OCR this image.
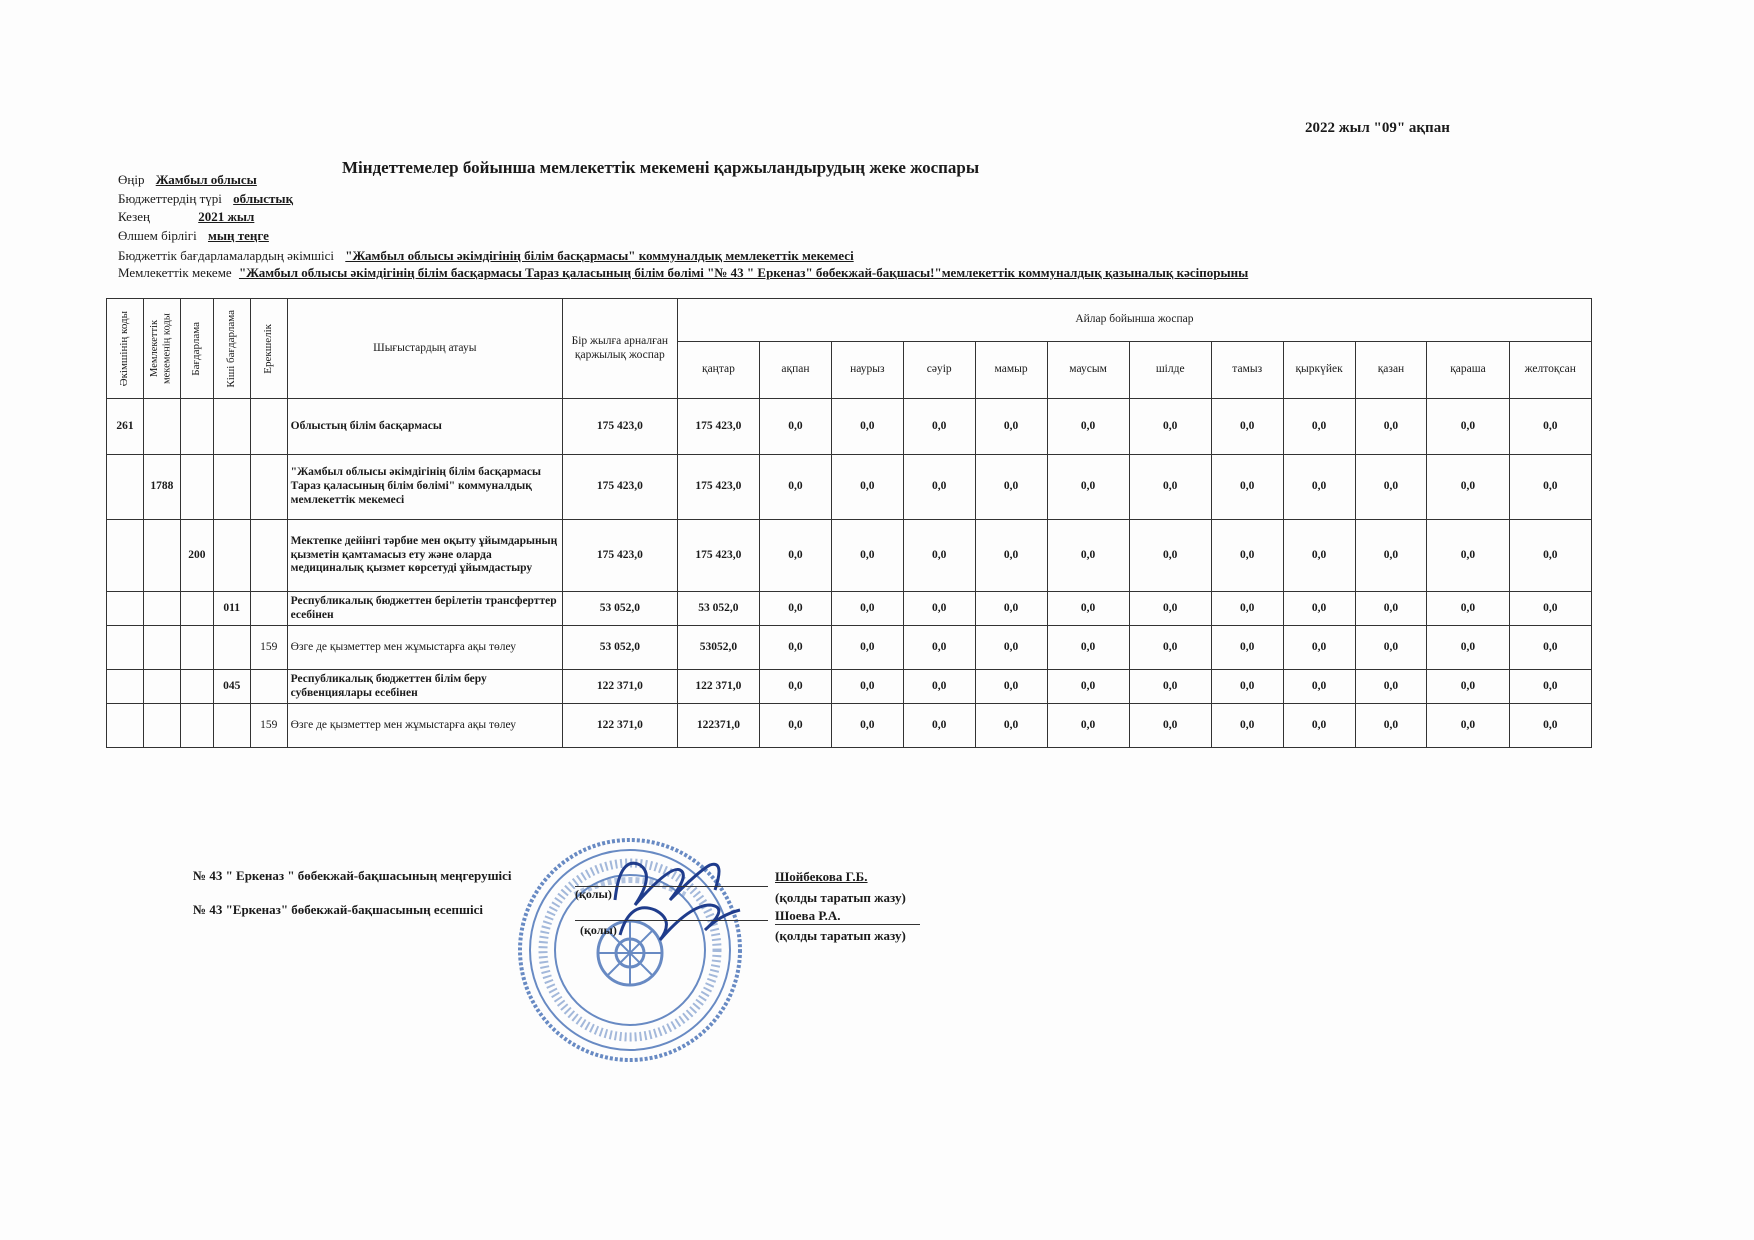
2022 жыл "09" ақпан
Міндеттемелер бойынша мемлекеттік мекемені қаржыландырудың жеке жоспары
Өңір Жамбыл облысы
Бюджеттердің түрі облыстық
Кезең	2021 жыл
Өлшем бірлігі мың теңге
Бюджеттік бағдарламалардың әкімшісі "Жамбыл облысы әкімдігінің білім басқармасы" коммуналдық мемлекеттік мекемесі
Мемлекеттік мекеме "Жамбыл облысы әкімдігінің білім басқармасы Тараз қаласының білім бөлімі "№ 43 " Еркеназ" бөбекжай-бақшасы!"мемлекеттік коммуналдық қазыналық кәсіпорыны
Әкімшінің коды	Мемлекеттік мекеменің коды	Бағдарлама	Кіші бағдарлама	Ерекшелік	Шығыстардың атауы	Бір жылға арналған қаржылық жоспар	Айлар бойынша жоспар											
							қаңтар	ақпан	наурыз	сәуір	мамыр	маусым	шілде	тамыз	қыркүйек	қазан	қараша	желтоқсан
261					Облыстың білім басқармасы	175 423,0	175 423,0	0,0	0,0	0,0	0,0	0,0	0,0	0,0	0,0	0,0	0,0	0,0
	1788				"Жамбыл облысы әкімдігінің білім басқармасы Тараз қаласының білім бөлімі" коммуналдық мемлекеттік мекемесі	175 423,0	175 423,0	0,0	0,0	0,0	0,0	0,0	0,0	0,0	0,0	0,0	0,0	0,0
		200			Мектепке дейінгі тәрбие мен оқыту ұйымдарының қызметін қамтамасыз ету және оларда медициналық қызмет көрсетуді ұйымдастыру	175 423,0	175 423,0	0,0	0,0	0,0	0,0	0,0	0,0	0,0	0,0	0,0	0,0	0,0
			011		Республикалық бюджеттен берілетін трансферттер есебінен	53 052,0	53 052,0	0,0	0,0	0,0	0,0	0,0	0,0	0,0	0,0	0,0	0,0	0,0
				159	Өзге де қызметтер мен жұмыстарға ақы төлеу	53 052,0	53052,0	0,0	0,0	0,0	0,0	0,0	0,0	0,0	0,0	0,0	0,0	0,0
			045		Республикалық бюджеттен білім беру субвенциялары есебінен	122 371,0	122 371,0	0,0	0,0	0,0	0,0	0,0	0,0	0,0	0,0	0,0	0,0	0,0
				159	Өзге де қызметтер мен жұмыстарға ақы төлеу	122 371,0	122371,0	0,0	0,0	0,0	0,0	0,0	0,0	0,0	0,0	0,0	0,0	0,0
№ 43 " Еркеназ " бөбекжай-бақшасының меңгерушісі
(қолы)
Шойбекова Г.Б.
(қолды таратып жазу)
№ 43 "Еркеназ" бөбекжай-бақшасының есепшісі
(қолы)
Шоева Р.А.
(қолды таратып жазу)
